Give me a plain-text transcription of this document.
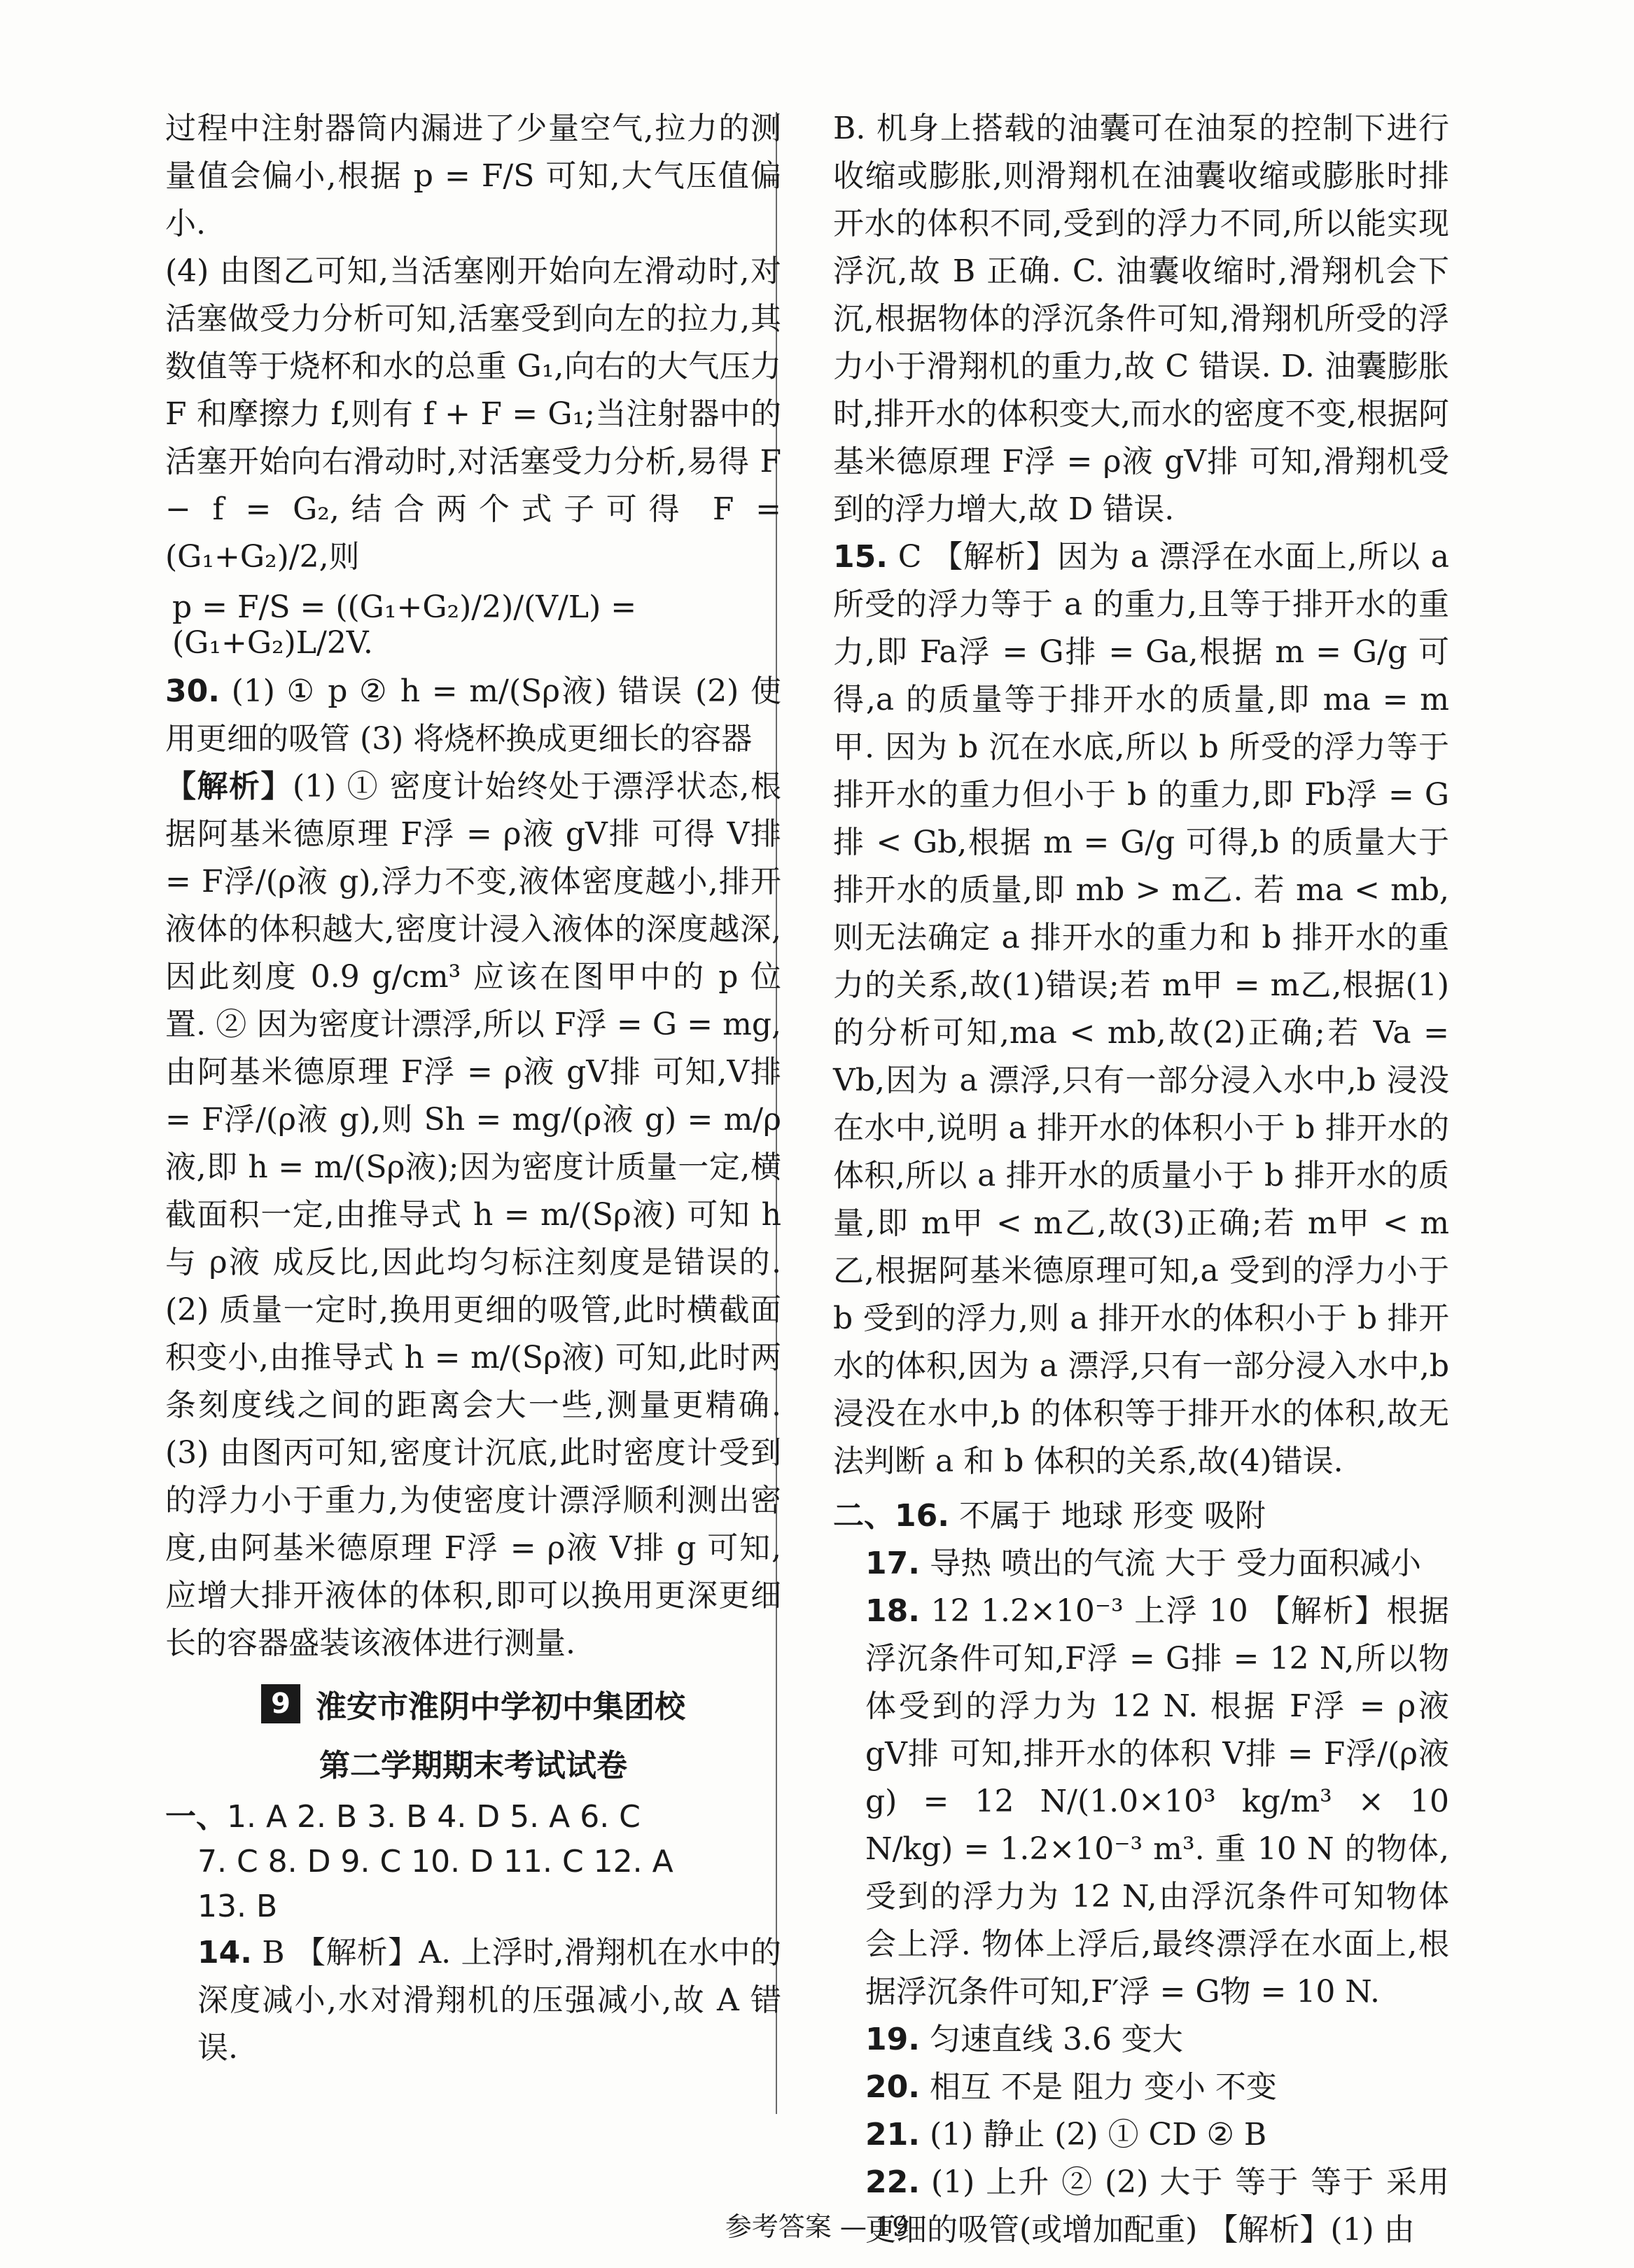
过程中注射器筒内漏进了少量空气,拉力的测量值会偏小,根据 p = F/S 可知,大气压值偏小.

(4) 由图乙可知,当活塞刚开始向左滑动时,对活塞做受力分析可知,活塞受到向左的拉力,其数值等于烧杯和水的总重 G₁,向右的大气压力 F 和摩擦力 f,则有 f + F = G₁;当注射器中的活塞开始向右滑动时,对活塞受力分析,易得 F − f = G₂,结合两个式子可得 F = (G₁+G₂)/2,则

p = F/S = ((G₁+G₂)/2)/(V/L) = (G₁+G₂)L/2V.

30. (1) ① p ② h = m/(Sρ液) 错误 (2) 使用更细的吸管 (3) 将烧杯换成更细长的容器

【解析】(1) ① 密度计始终处于漂浮状态,根据阿基米德原理 F浮 = ρ液 gV排 可得 V排 = F浮/(ρ液 g),浮力不变,液体密度越小,排开液体的体积越大,密度计浸入液体的深度越深,因此刻度 0.9 g/cm³ 应该在图甲中的 p 位置. ② 因为密度计漂浮,所以 F浮 = G = mg,由阿基米德原理 F浮 = ρ液 gV排 可知,V排 = F浮/(ρ液 g),则 Sh = mg/(ρ液 g) = m/ρ液,即 h = m/(Sρ液);因为密度计质量一定,横截面积一定,由推导式 h = m/(Sρ液) 可知 h 与 ρ液 成反比,因此均匀标注刻度是错误的. (2) 质量一定时,换用更细的吸管,此时横截面积变小,由推导式 h = m/(Sρ液) 可知,此时两条刻度线之间的距离会大一些,测量更精确. (3) 由图丙可知,密度计沉底,此时密度计受到的浮力小于重力,为使密度计漂浮顺利测出密度,由阿基米德原理 F浮 = ρ液 V排 g 可知,应增大排开液体的体积,即可以换用更深更细长的容器盛装该液体进行测量.

9 淮安市淮阴中学初中集团校
第二学期期末考试试卷
一、1. A 2. B 3. B 4. D 5. A 6. C
7. C 8. D 9. C 10. D 11. C 12. A
13. B

14. B 【解析】A. 上浮时,滑翔机在水中的深度减小,水对滑翔机的压强减小,故 A 错误.

B. 机身上搭载的油囊可在油泵的控制下进行收缩或膨胀,则滑翔机在油囊收缩或膨胀时排开水的体积不同,受到的浮力不同,所以能实现浮沉,故 B 正确. C. 油囊收缩时,滑翔机会下沉,根据物体的浮沉条件可知,滑翔机所受的浮力小于滑翔机的重力,故 C 错误. D. 油囊膨胀时,排开水的体积变大,而水的密度不变,根据阿基米德原理 F浮 = ρ液 gV排 可知,滑翔机受到的浮力增大,故 D 错误.

15. C 【解析】因为 a 漂浮在水面上,所以 a 所受的浮力等于 a 的重力,且等于排开水的重力,即 Fa浮 = G排 = Ga,根据 m = G/g 可得,a 的质量等于排开水的质量,即 ma = m甲. 因为 b 沉在水底,所以 b 所受的浮力等于排开水的重力但小于 b 的重力,即 Fb浮 = G排 < Gb,根据 m = G/g 可得,b 的质量大于排开水的质量,即 mb > m乙. 若 ma < mb,则无法确定 a 排开水的重力和 b 排开水的重力的关系,故(1)错误;若 m甲 = m乙,根据(1)的分析可知,ma < mb,故(2)正确;若 Va = Vb,因为 a 漂浮,只有一部分浸入水中,b 浸没在水中,说明 a 排开水的体积小于 b 排开水的体积,所以 a 排开水的质量小于 b 排开水的质量,即 m甲 < m乙,故(3)正确;若 m甲 < m乙,根据阿基米德原理可知,a 受到的浮力小于 b 受到的浮力,则 a 排开水的体积小于 b 排开水的体积,因为 a 漂浮,只有一部分浸入水中,b 浸没在水中,b 的体积等于排开水的体积,故无法判断 a 和 b 体积的关系,故(4)错误.

二、16. 不属于 地球 形变 吸附

17. 导热 喷出的气流 大于 受力面积减小

18. 12 1.2×10⁻³ 上浮 10 【解析】根据浮沉条件可知,F浮 = G排 = 12 N,所以物体受到的浮力为 12 N. 根据 F浮 = ρ液 gV排 可知,排开水的体积 V排 = F浮/(ρ液 g) = 12 N/(1.0×10³ kg/m³ × 10 N/kg) = 1.2×10⁻³ m³. 重 10 N 的物体,受到的浮力为 12 N,由浮沉条件可知物体会上浮. 物体上浮后,最终漂浮在水面上,根据浮沉条件可知,F′浮 = G物 = 10 N.

19. 匀速直线 3.6 变大

20. 相互 不是 阻力 变小 不变

21. (1) 静止 (2) ① CD ② B

22. (1) 上升 ② (2) 大于 等于 等于 采用更细的吸管(或增加配重) 【解析】(1) 由

参考答案 — 19
